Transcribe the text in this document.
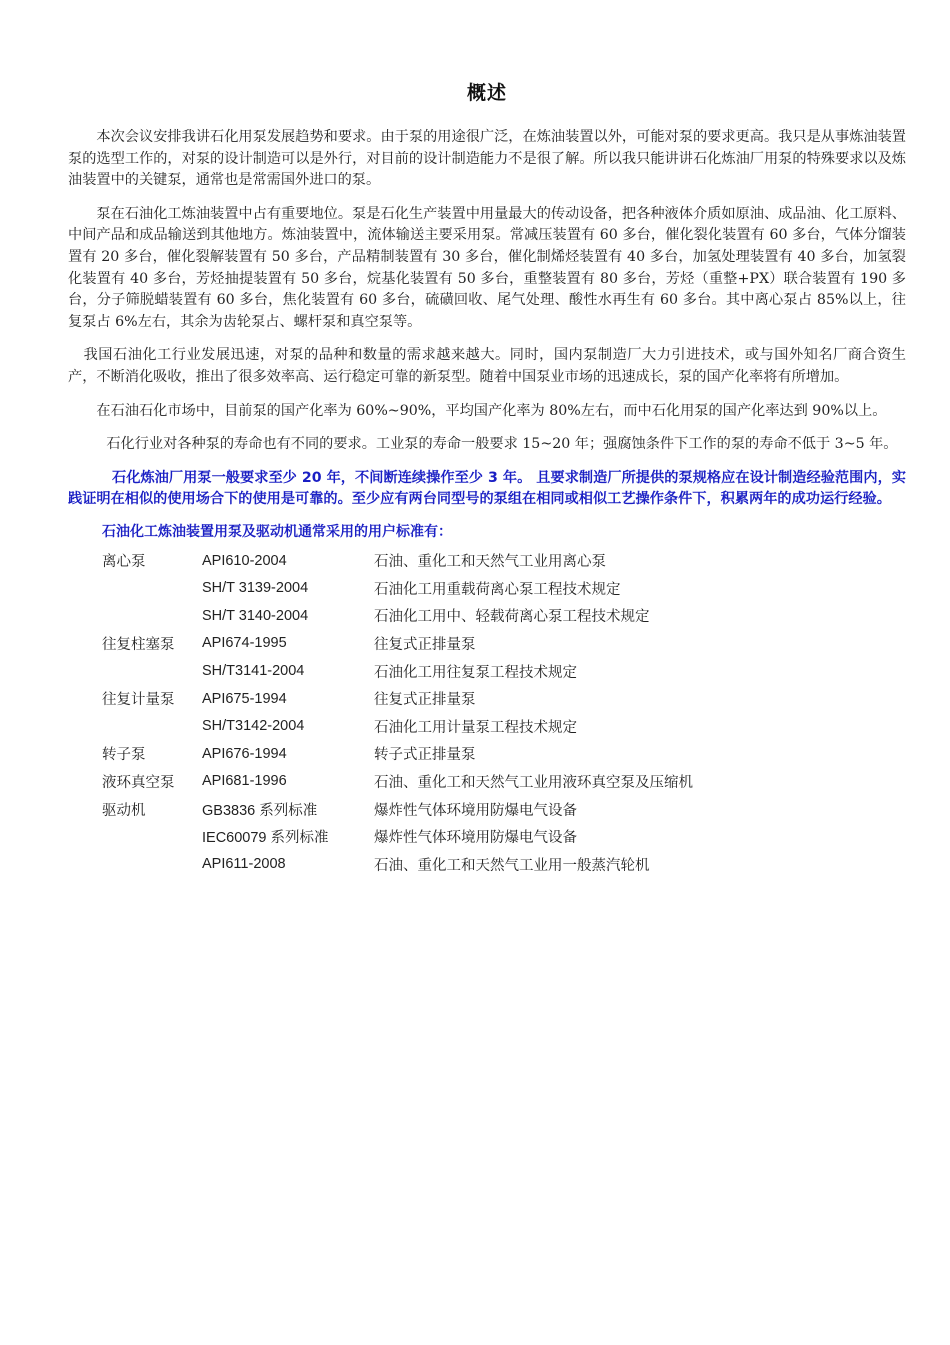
概述

本次会议安排我讲石化用泵发展趋势和要求。由于泵的用途很广泛，在炼油装置以外，可能对泵的要求更高。我只是从事炼油装置泵的选型工作的，对泵的设计制造可以是外行，对目前的设计制造能力不是很了解。所以我只能讲讲石化炼油厂用泵的特殊要求以及炼油装置中的关键泵，通常也是常需国外进口的泵。

泵在石油化工炼油装置中占有重要地位。泵是石化生产装置中用量最大的传动设备，把各种液体介质如原油、成品油、化工原料、中间产品和成品输送到其他地方。炼油装置中，流体输送主要采用泵。常减压装置有 60 多台，催化裂化装置有 60 多台，气体分馏装置有 20 多台，催化裂解装置有 50 多台，产品精制装置有 30 多台，催化制烯烃装置有 40 多台，加氢处理装置有 40 多台，加氢裂化装置有 40 多台，芳烃抽提装置有 50 多台，烷基化装置有 50 多台，重整装置有 80 多台，芳烃（重整+PX）联合装置有 190 多台，分子筛脱蜡装置有 60 多台，焦化装置有 60 多台，硫磺回收、尾气处理、酸性水再生有 60 多台。其中离心泵占 85%以上，往复泵占 6%左右，其余为齿轮泵占、螺杆泵和真空泵等。

我国石油化工行业发展迅速，对泵的品种和数量的需求越来越大。同时，国内泵制造厂大力引进技术，或与国外知名厂商合资生产，不断消化吸收，推出了很多效率高、运行稳定可靠的新泵型。随着中国泵业市场的迅速成长，泵的国产化率将有所增加。

在石油石化市场中，目前泵的国产化率为 60%~90%，平均国产化率为 80%左右，而中石化用泵的国产化率达到 90%以上。

石化行业对各种泵的寿命也有不同的要求。工业泵的寿命一般要求 15~20 年；强腐蚀条件下工作的泵的寿命不低于 3~5 年。

石化炼油厂用泵一般要求至少 20 年，不间断连续操作至少 3 年。 且要求制造厂所提供的泵规格应在设计制造经验范围内，实践证明在相似的使用场合下的使用是可靠的。至少应有两台同型号的泵组在相同或相似工艺操作条件下，积累两年的成功运行经验。

石油化工炼油装置用泵及驱动机通常采用的用户标准有：
离心泵	API610-2004	石油、重化工和天然气工业用离心泵
	SH/T 3139-2004	石油化工用重载荷离心泵工程技术规定
	SH/T 3140-2004	石油化工用中、轻载荷离心泵工程技术规定
往复柱塞泵	API674-1995	往复式正排量泵
	SH/T3141-2004	石油化工用往复泵工程技术规定
往复计量泵	API675-1994	往复式正排量泵
	SH/T3142-2004	石油化工用计量泵工程技术规定
转子泵	API676-1994	转子式正排量泵
液环真空泵	API681-1996	石油、重化工和天然气工业用液环真空泵及压缩机
驱动机	GB3836 系列标准	爆炸性气体环境用防爆电气设备
	IEC60079 系列标准	爆炸性气体环境用防爆电气设备
	API611-2008	石油、重化工和天然气工业用一般蒸汽轮机
